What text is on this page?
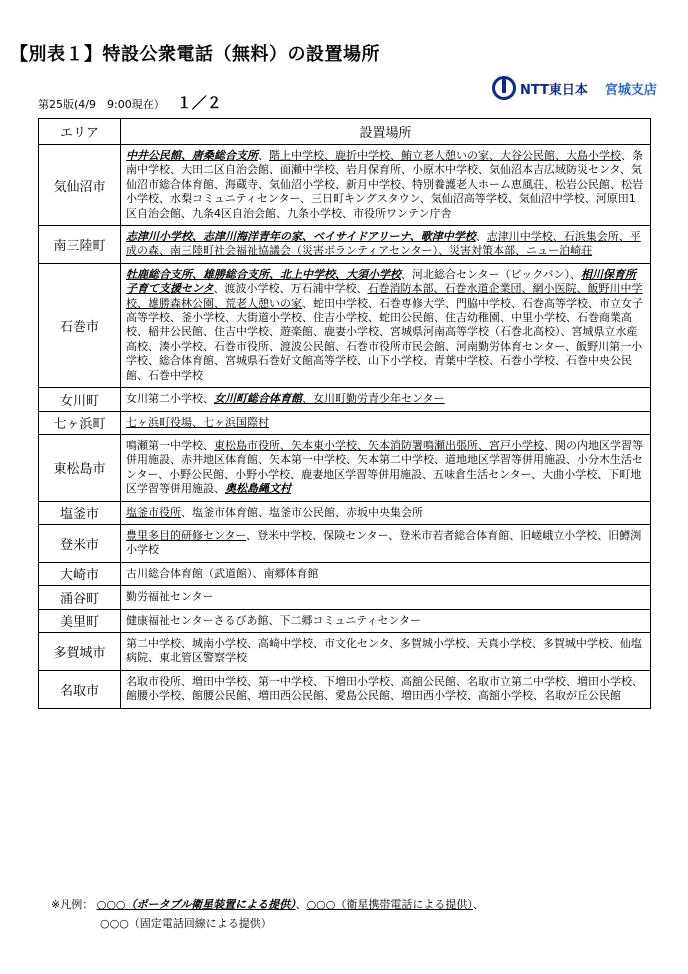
【別表１】特設公衆電話（無料）の設置場所
NTT東日本 宮城支店
第25版(4/9　9:00現在） １／２
エリア	設置場所
気仙沼市	中井公民館、唐桑総合支所、階上中学校、鹿折中学校、鮪立老人憩いの家、大谷公民館、大島小学校、条南中学校、大田二区自治会館、面瀬中学校、岩月保育所、小原木中学校、気仙沼本吉広域防災センタ、気仙沼市総合体育館、海蔵寺、気仙沼小学校、新月中学校、特別養護老人ホーム恵風荘、松岩公民館、松岩小学校、水梨コミュニティセンター、三日町キングスタウン、気仙沼高等学校、気仙沼中学校、河原田1区自治会館、九条4区自治会館、九条小学校、市役所ワンテン庁舎
南三陸町	志津川小学校、志津川海洋青年の家、ベイサイドアリーナ、歌津中学校、志津川中学校、石浜集会所、平成の森、南三陸町社会福祉協議会（災害ボランティアセンター）、災害対策本部、ニュー泊崎荘
石巻市	牡鹿総合支所、雄勝総合支所、北上中学校、大須小学校、河北総合センター（ビックバン）、相川保育所子育て支援センタ、渡波小学校、万石浦中学校、石巻消防本部、石巻水道企業団、網小医院、飯野川中学校、雄勝森林公園、荒老人憩いの家、蛇田中学校、石巻専修大学、門脇中学校、石巻高等学校、市立女子高等学校、釜小学校、大街道小学校、住吉小学校、蛇田公民館、住吉幼稚園、中里小学校、石巻商業高校、稲井公民館、住吉中学校、遊楽館、鹿妻小学校、宮城県河南高等学校（石巻北高校）、宮城県立水産高校、湊小学校、石巻市役所、渡波公民館、石巻市役所市民会館、河南勤労体育センター、飯野川第一小学校、総合体育館、宮城県石巻好文館高等学校、山下小学校、青葉中学校、石巻小学校、石巻中央公民館、石巻中学校
女川町	女川第二小学校、女川町総合体育館、女川町勤労青少年センター
七ヶ浜町	七ヶ浜町役場、七ヶ浜国際村
東松島市	鳴瀬第一中学校、東松島市役所、矢本東小学校、矢本消防署鳴瀬出張所、宮戸小学校、関の内地区学習等併用施設、赤井地区体育館、矢本第一中学校、矢本第二中学校、道地地区学習等併用施設、小分木生活センター、小野公民館、小野小学校、鹿妻地区学習等併用施設、五味倉生活センター、大曲小学校、下町地区学習等併用施設、奥松島縄文村
塩釜市	塩釜市役所、塩釜市体育館、塩釜市公民館、赤坂中央集会所
登米市	豊里多目的研修センター、登米中学校、保険センター、登米市若者総合体育館、旧嵯峨立小学校、旧鱒渕小学校
大崎市	古川総合体育館（武道館）、南郷体育館
涌谷町	勤労福祉センター
美里町	健康福祉センターさるびあ館、下二郷コミュニティセンター
多賀城市	第二中学校、城南小学校、高崎中学校、市文化センタ、多賀城小学校、天真小学校、多賀城中学校、仙塩病院、東北管区警察学校
名取市	名取市役所、増田中学校、第一中学校、下増田小学校、高舘公民館、名取市立第二中学校、増田小学校、館腰小学校、館腰公民館、増田西公民館、愛島公民館、増田西小学校、高舘小学校、名取が丘公民館
※凡例： ○○○（ポータブル衛星装置による提供）、○○○（衛星携帯電話による提供）、
○○○（固定電話回線による提供）
